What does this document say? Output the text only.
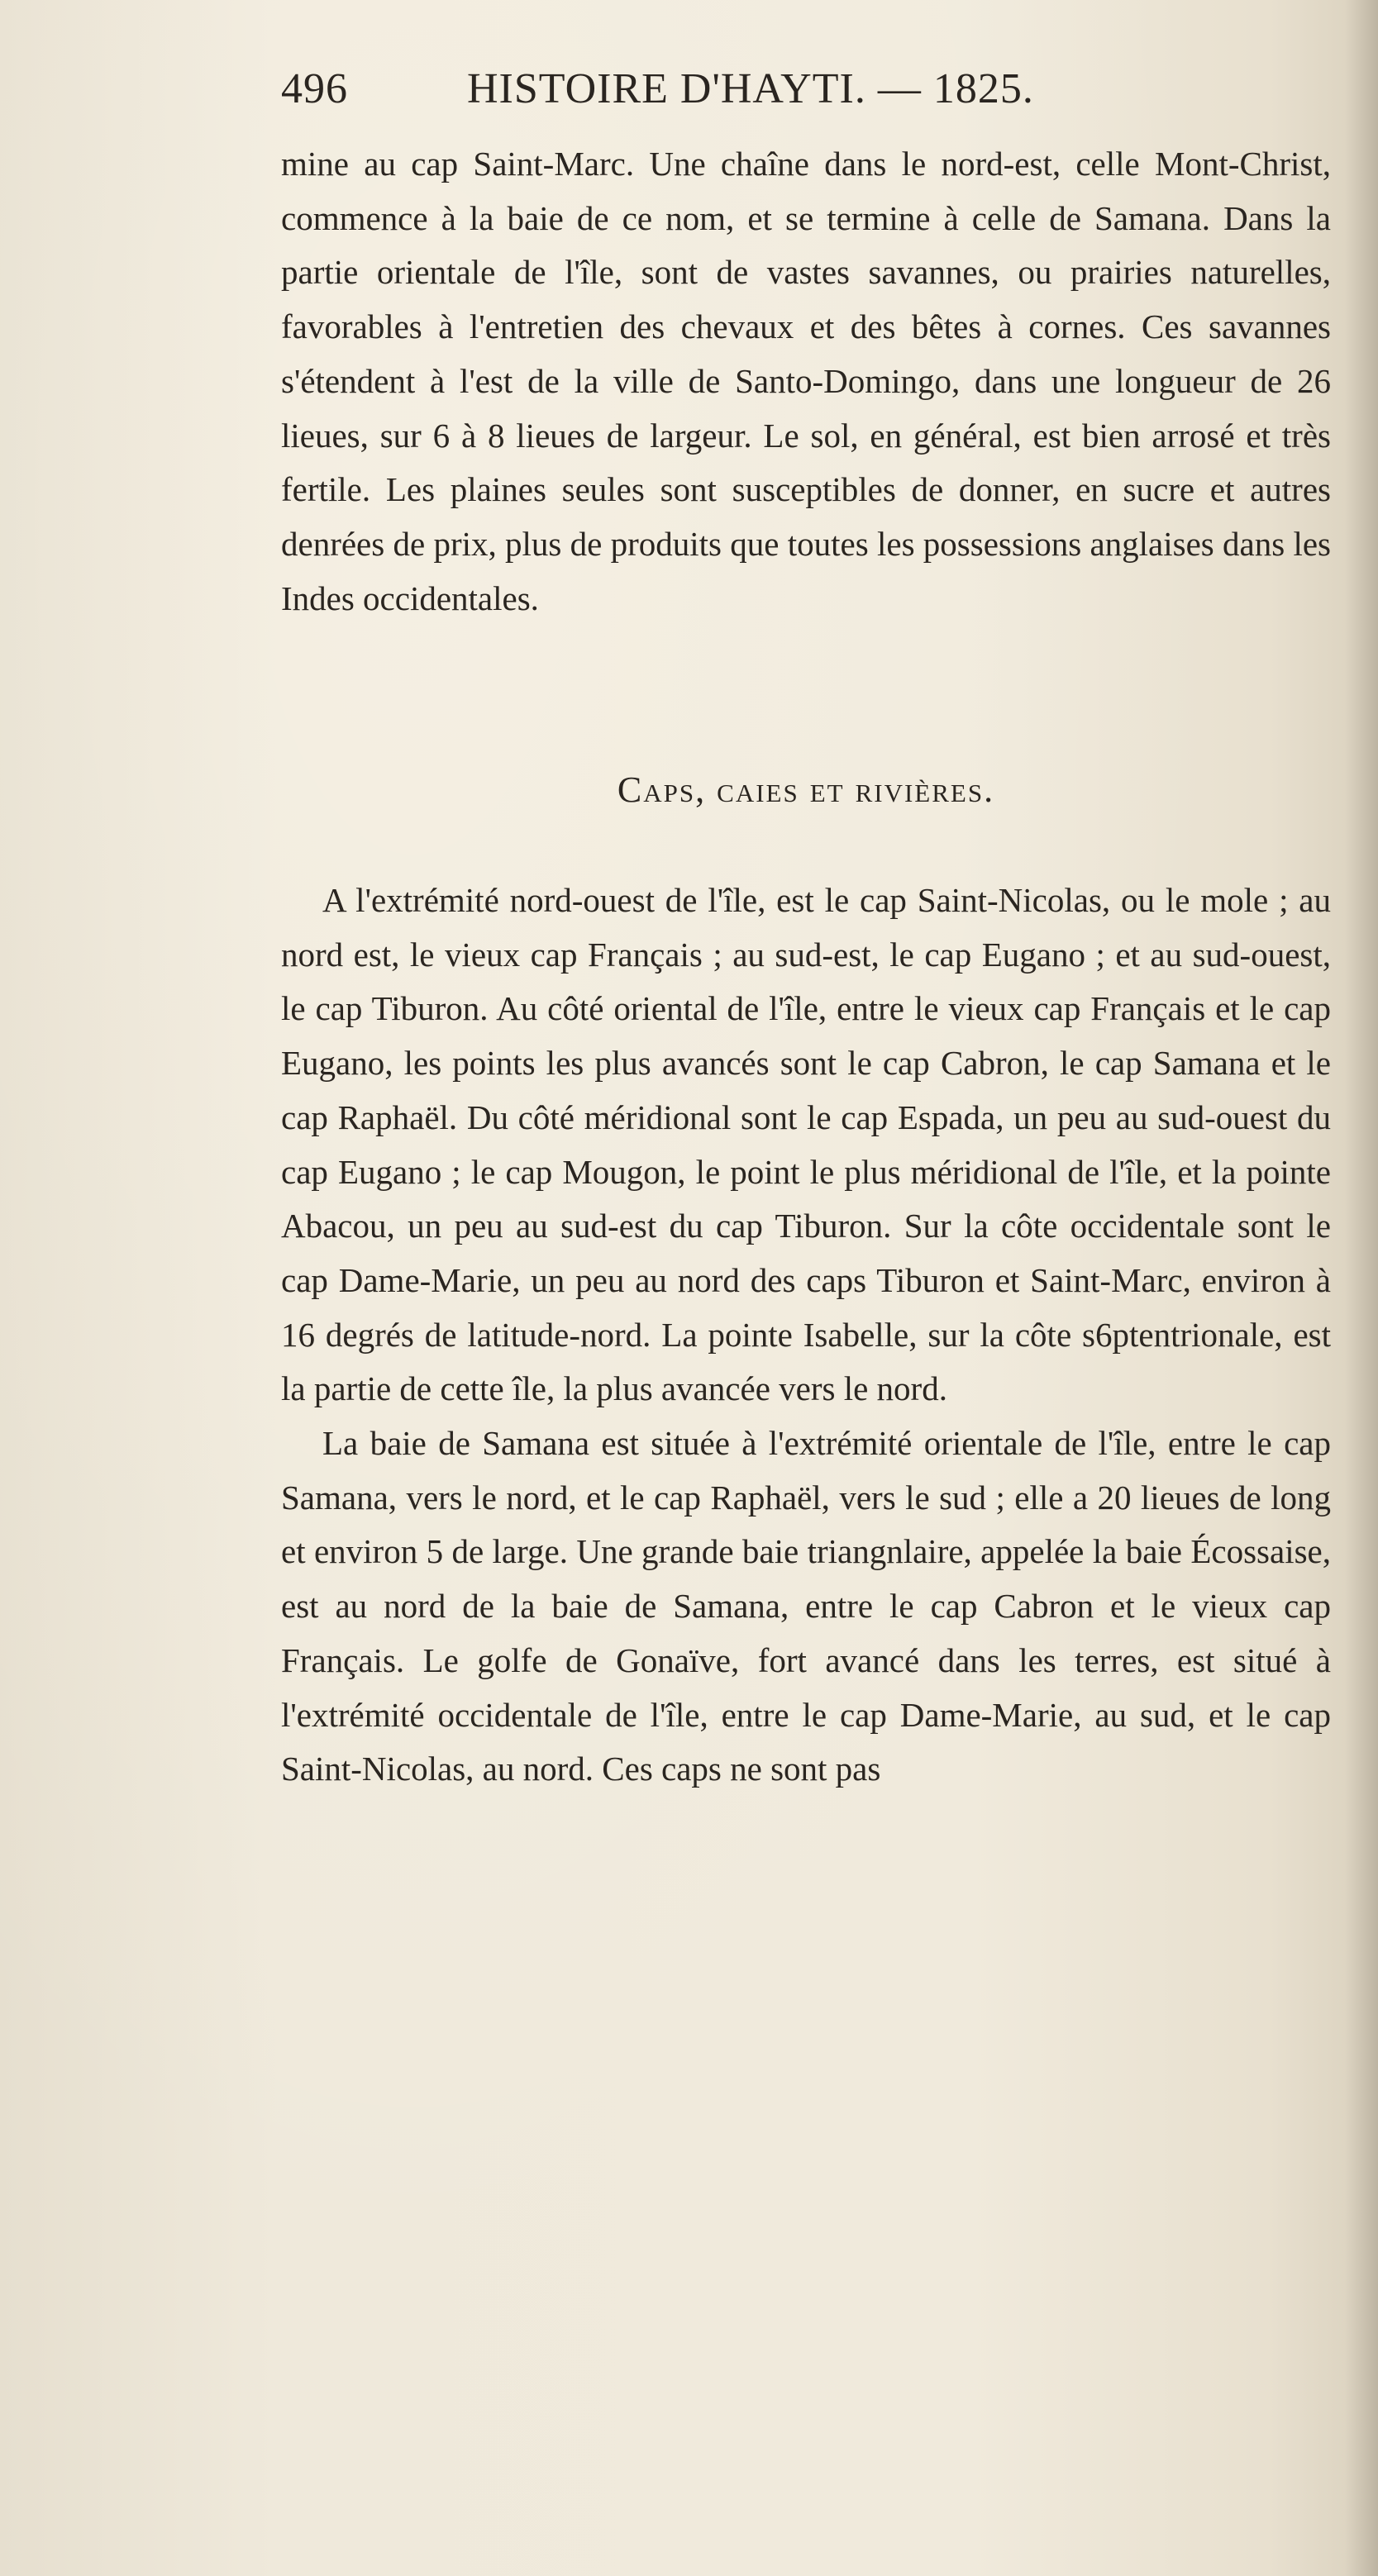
496	HISTOIRE D'HAYTI. — 1825.

mine au cap Saint-Marc. Une chaîne dans le nord-est, celle Mont-Christ, commence à la baie de ce nom, et se termine à celle de Samana. Dans la partie orientale de l'île, sont de vastes savannes, ou prairies naturelles, favorables à l'entretien des chevaux et des bêtes à cornes. Ces savannes s'étendent à l'est de la ville de Santo-Domingo, dans une longueur de 26 lieues, sur 6 à 8 lieues de largeur. Le sol, en général, est bien arrosé et très fertile. Les plaines seules sont susceptibles de donner, en sucre et autres denrées de prix, plus de produits que toutes les possessions anglaises dans les Indes occidentales.

Caps, caies et rivières.

A l'extrémité nord-ouest de l'île, est le cap Saint-Nicolas, ou le mole ; au nord est, le vieux cap Français ; au sud-est, le cap Eugano ; et au sud-ouest, le cap Tiburon. Au côté oriental de l'île, entre le vieux cap Français et le cap Eugano, les points les plus avancés sont le cap Cabron, le cap Samana et le cap Raphaël. Du côté méridional sont le cap Espada, un peu au sud-ouest du cap Eugano ; le cap Mougon, le point le plus méridional de l'île, et la pointe Abacou, un peu au sud-est du cap Tiburon. Sur la côte occidentale sont le cap Dame-Marie, un peu au nord des caps Tiburon et Saint-Marc, environ à 16 degrés de latitude-nord. La pointe Isabelle, sur la côte s6ptentrionale, est la partie de cette île, la plus avancée vers le nord.

La baie de Samana est située à l'extrémité orientale de l'île, entre le cap Samana, vers le nord, et le cap Raphaël, vers le sud ; elle a 20 lieues de long et environ 5 de large. Une grande baie triangnlaire, appelée la baie Écossaise, est au nord de la baie de Samana, entre le cap Cabron et le vieux cap Français. Le golfe de Gonaïve, fort avancé dans les terres, est situé à l'extrémité occidentale de l'île, entre le cap Dame-Marie, au sud, et le cap Saint-Nicolas, au nord. Ces caps ne sont pas
